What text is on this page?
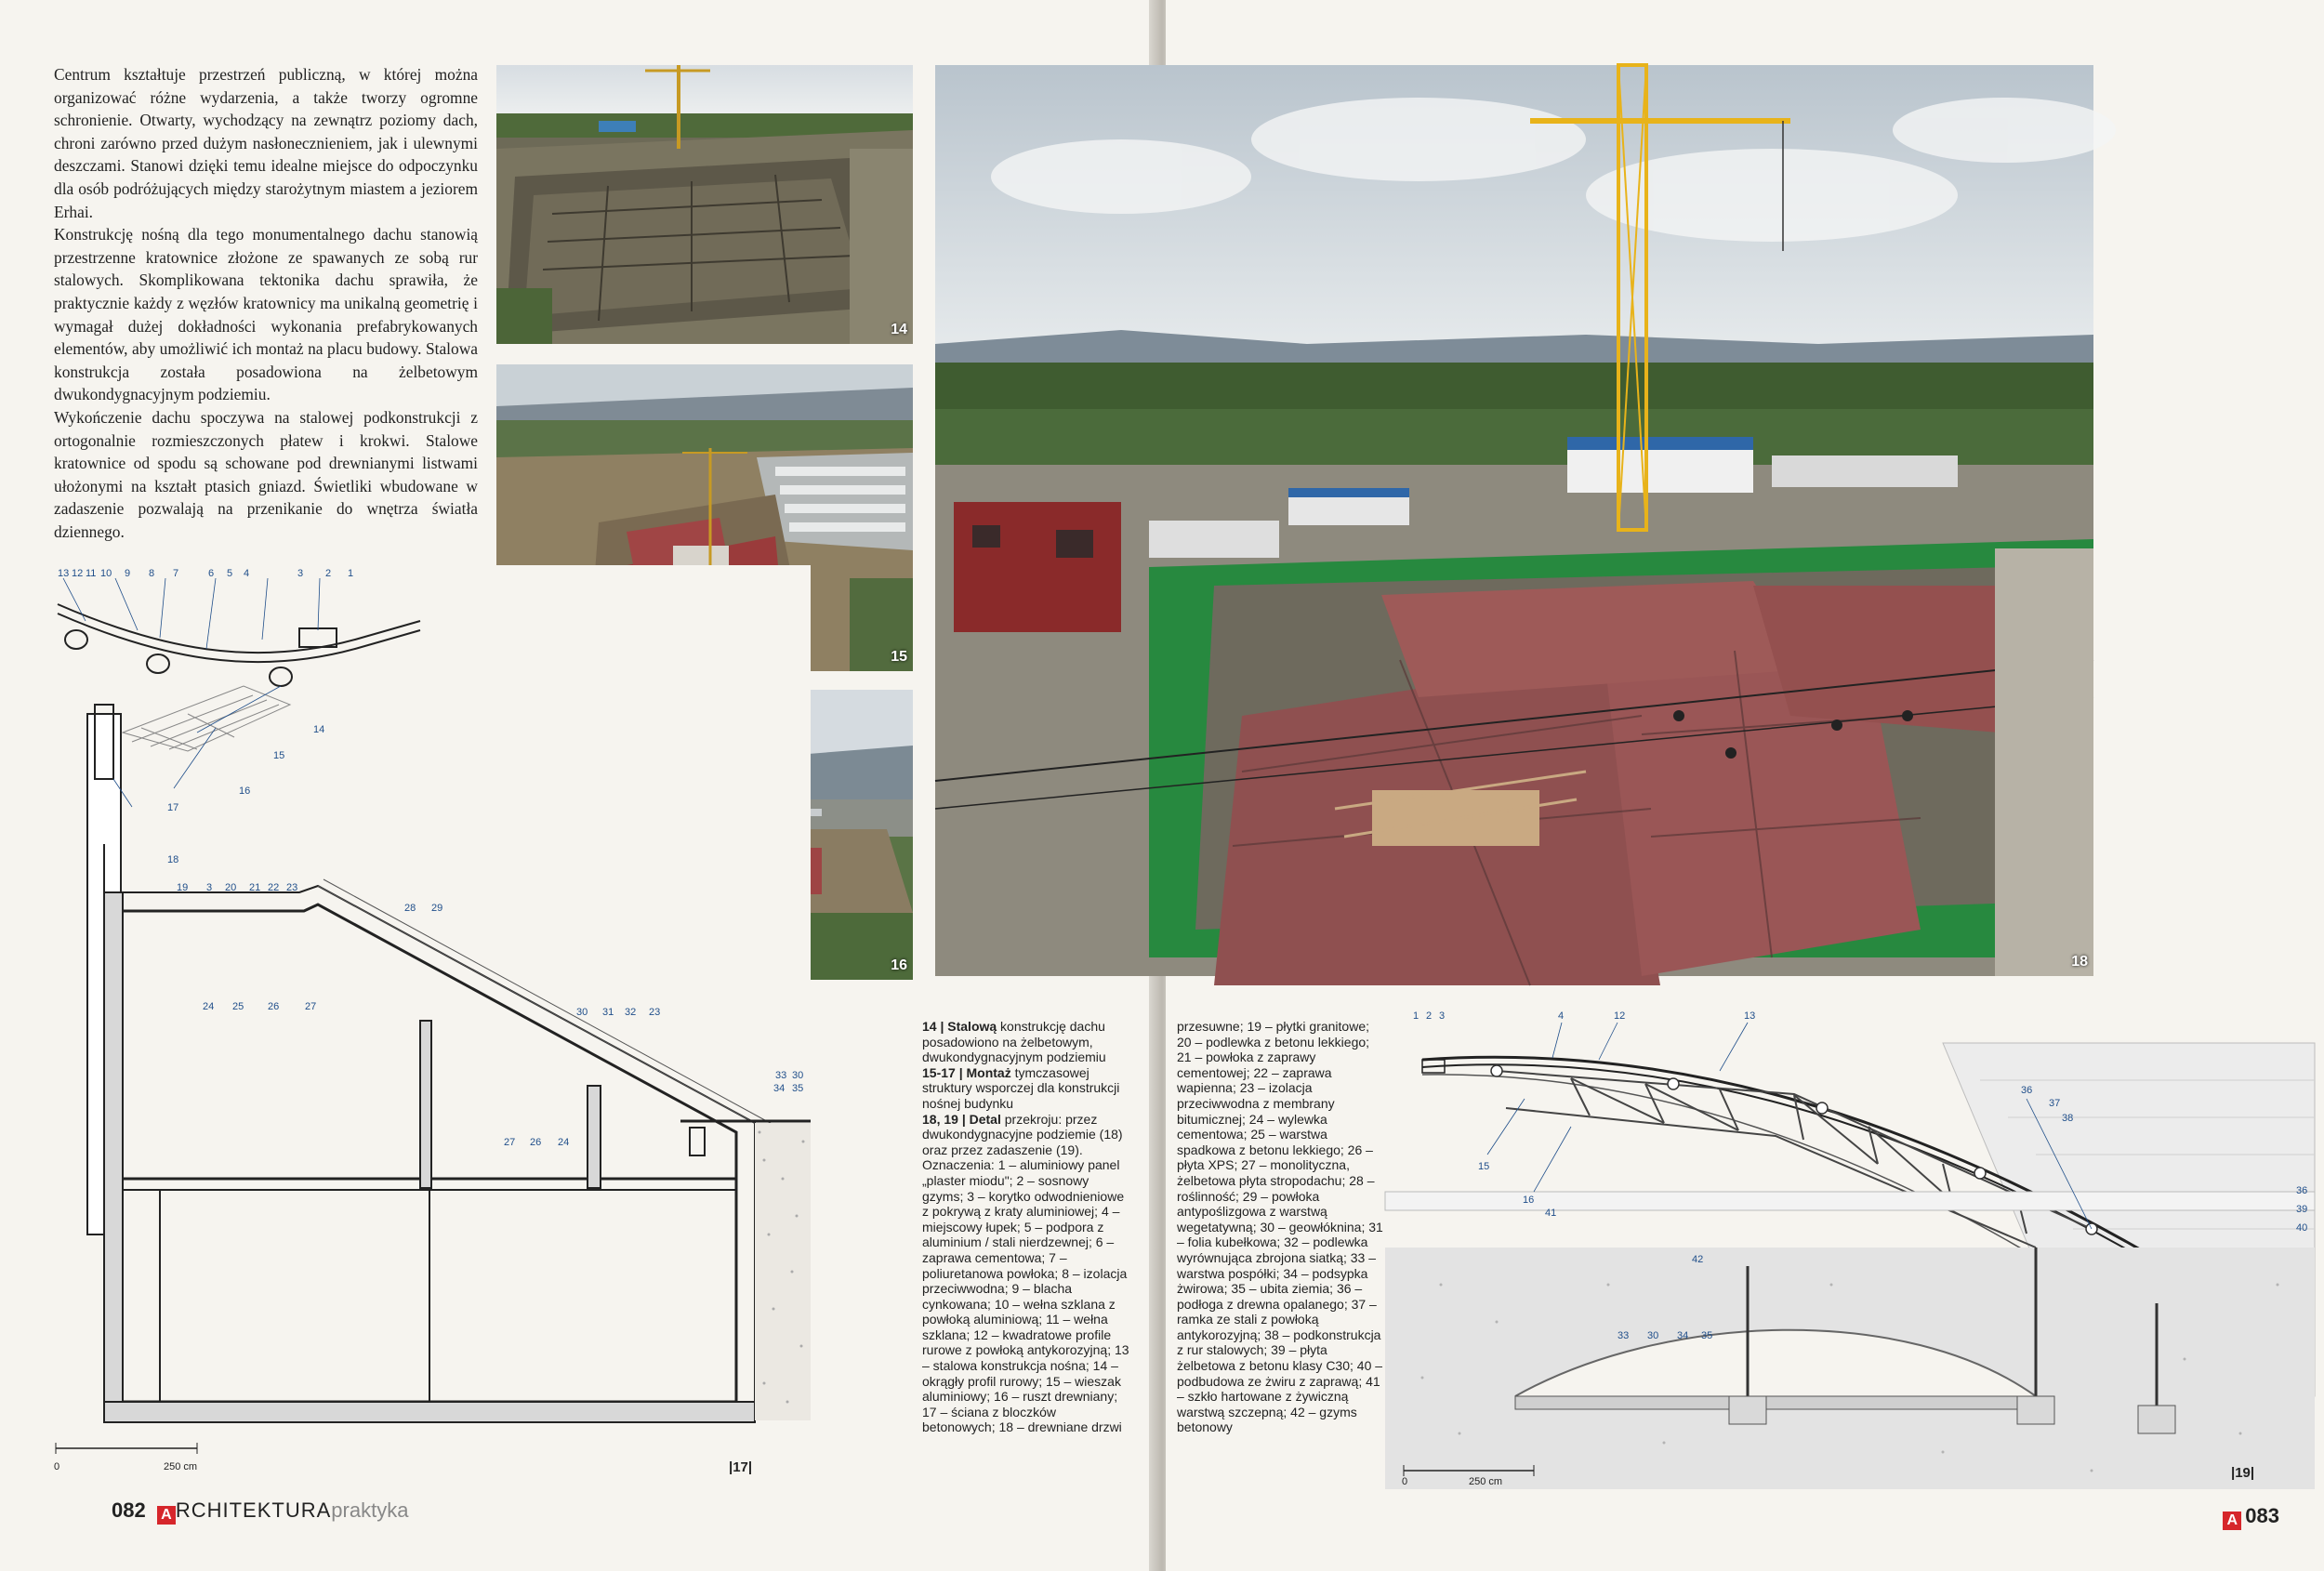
Centrum kształtuje przestrzeń publiczną, w której można organizować różne wydarzenia, a także tworzy ogromne schronienie. Otwarty, wychodzący na zewnątrz poziomy dach, chroni zarówno przed dużym nasłonecznieniem, jak i ulewnymi deszczami. Stanowi dzięki temu idealne miejsce do odpoczynku dla osób podróżujących między starożytnym miastem a jeziorem Erhai.

Konstrukcję nośną dla tego monumentalnego dachu stanowią przestrzenne kratownice złożone ze spawanych ze sobą rur stalowych. Skomplikowana tektonika dachu sprawiła, że praktycznie każdy z węzłów kratownicy ma unikalną geometrię i wymagał dużej dokładności wykonania prefabrykowanych elementów, aby umożliwić ich montaż na placu budowy. Stalowa konstrukcja została posadowiona na żelbetowym dwukondygnacyjnym podziemiu.

Wykończenie dachu spoczywa na stalowej podkonstrukcji z ortogonalnie rozmieszczonych płatew i krokwi. Stalowe kratownice od spodu są schowane pod drewnianymi listwami ułożonymi na kształt ptasich gniazd. Świetliki wbudowane w zadaszenie pozwalają na przenikanie do wnętrza światła dziennego.

14
15
16
13 12 11 10 9 8 7	6 5 4	3 2 1
14
15
16
17
18
19 3 20 21 22 23
28 29
24 25 26	27	30 31 32 23
27 26 24
33 30
34 35
0	250 cm	|17|
082 A RCHITEKTURApraktyka
18
14 | Stalową konstrukcję dachu posadowiono na żelbetowym, dwukondygnacyjnym podziemiu
15-17 | Montaż tymczasowej struktury wsporczej dla konstrukcji nośnej budynku
18, 19 | Detal przekroju: przez dwukondygnacyjne podziemie (18) oraz przez zadaszenie (19). Oznaczenia: 1 – aluminiowy panel „plaster miodu"; 2 – sosnowy gzyms; 3 – korytko odwodnieniowe z pokrywą z kraty aluminiowej; 4 – miejscowy łupek; 5 – podpora z aluminium / stali nierdzewnej; 6 – zaprawa cementowa; 7 – poliuretanowa powłoka; 8 – izolacja przeciwwodna; 9 – blacha cynkowana; 10 – wełna szklana z powłoką aluminiową; 11 – wełna szklana; 12 – kwadratowe profile rurowe z powłoką antykorozyjną; 13 – stalowa konstrukcja nośna; 14 – okrągły profil rurowy; 15 – wieszak aluminiowy; 16 – ruszt drewniany; 17 – ściana z bloczków betonowych; 18 – drewniane drzwi
przesuwne; 19 – płytki granitowe; 20 – podlewka z betonu lekkiego; 21 – powłoka z zaprawy cementowej; 22 – zaprawa wapienna; 23 – izolacja przeciwwodna z membrany bitumicznej; 24 – wylewka cementowa; 25 – warstwa spadkowa z betonu lekkiego; 26 – płyta XPS; 27 – monolityczna, żelbetowa płyta stropodachu; 28 – roślinność; 29 – powłoka antypoślizgowa z warstwą wegetatywną; 30 – geowłóknina; 31 – folia kubełkowa; 32 – podlewka wyrównująca zbrojona siatką; 33 – warstwa pospółki; 34 – podsypka żwirowa; 35 – ubita ziemia; 36 – podłoga z drewna opalanego; 37 – ramka ze stali z powłoką antykorozyjną; 38 – podkonstrukcja z rur stalowych; 39 – płyta żelbetowa z betonu klasy C30; 40 – podbudowa ze żwiru z zaprawą; 41 – szkło hartowane z żywiczną warstwą szczepną; 42 – gzyms betonowy
1 2 3	4	12	13
15
16
41
42
36
37
38
36
39
40
33 30 34 35
0	250 cm
|19|
A 083
